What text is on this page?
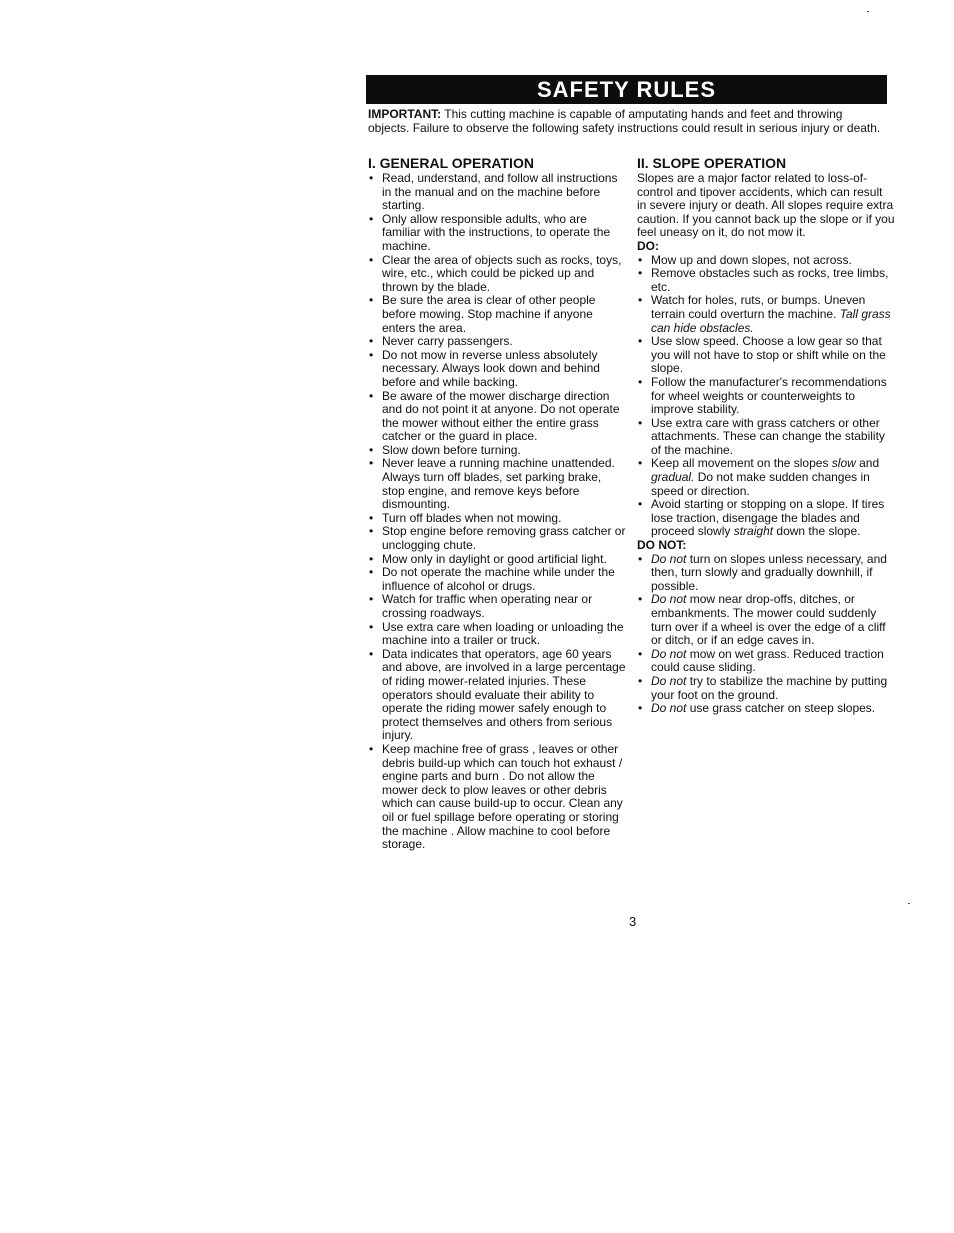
SAFETY RULES
IMPORTANT: This cutting machine is capable of amputating hands and feet and throwing objects. Failure to observe the following safety instructions could result in serious injury or death.
I. GENERAL OPERATION
• Read, understand, and follow all instructions in the manual and on the machine before starting.
• Only allow responsible adults, who are familiar with the instructions, to operate the machine.
• Clear the area of objects such as rocks, toys, wire, etc., which could be picked up and thrown by the blade.
• Be sure the area is clear of other people before mowing. Stop machine if anyone enters the area.
• Never carry passengers.
• Do not mow in reverse unless absolutely necessary. Always look down and behind before and while backing.
• Be aware of the mower discharge direction and do not point it at anyone. Do not operate the mower without either the entire grass catcher or the guard in place.
• Slow down before turning.
• Never leave a running machine unattended. Always turn off blades, set parking brake, stop engine, and remove keys before dismounting.
• Turn off blades when not mowing.
• Stop engine before removing grass catcher or unclogging chute.
• Mow only in daylight or good artificial light.
• Do not operate the machine while under the influence of alcohol or drugs.
• Watch for traffic when operating near or crossing roadways.
• Use extra care when loading or unloading the machine into a trailer or truck.
• Data indicates that operators, age 60 years and above, are involved in a large percentage of riding mower-related injuries. These operators should evaluate their ability to operate the riding mower safely enough to protect themselves and others from serious injury.
• Keep machine free of grass , leaves or other debris build-up which can touch hot exhaust / engine parts and burn . Do not allow the mower deck to plow leaves or other debris which can cause build-up to occur. Clean any oil or fuel spillage before operating or storing the machine . Allow machine to cool before storage.
II. SLOPE OPERATION

Slopes are a major factor related to loss-of-control and tipover accidents, which can result in severe injury or death. All slopes require extra caution. If you cannot back up the slope or if you feel uneasy on it, do not mow it.

DO:
• Mow up and down slopes, not across.
• Remove obstacles such as rocks, tree limbs, etc.
• Watch for holes, ruts, or bumps. Uneven terrain could overturn the machine. Tall grass can hide obstacles.
• Use slow speed. Choose a low gear so that you will not have to stop or shift while on the slope.
• Follow the manufacturer's recommendations for wheel weights or counterweights to improve stability.
• Use extra care with grass catchers or other attachments. These can change the stability of the machine.
• Keep all movement on the slopes slow and gradual. Do not make sudden changes in speed or direction.
• Avoid starting or stopping on a slope. If tires lose traction, disengage the blades and proceed slowly straight down the slope.
DO NOT:
• Do not turn on slopes unless necessary, and then, turn slowly and gradually downhill, if possible.
• Do not mow near drop-offs, ditches, or embankments. The mower could suddenly turn over if a wheel is over the edge of a cliff or ditch, or if an edge caves in.
• Do not mow on wet grass. Reduced traction could cause sliding.
• Do not try to stabilize the machine by putting your foot on the ground.
• Do not use grass catcher on steep slopes.
3
